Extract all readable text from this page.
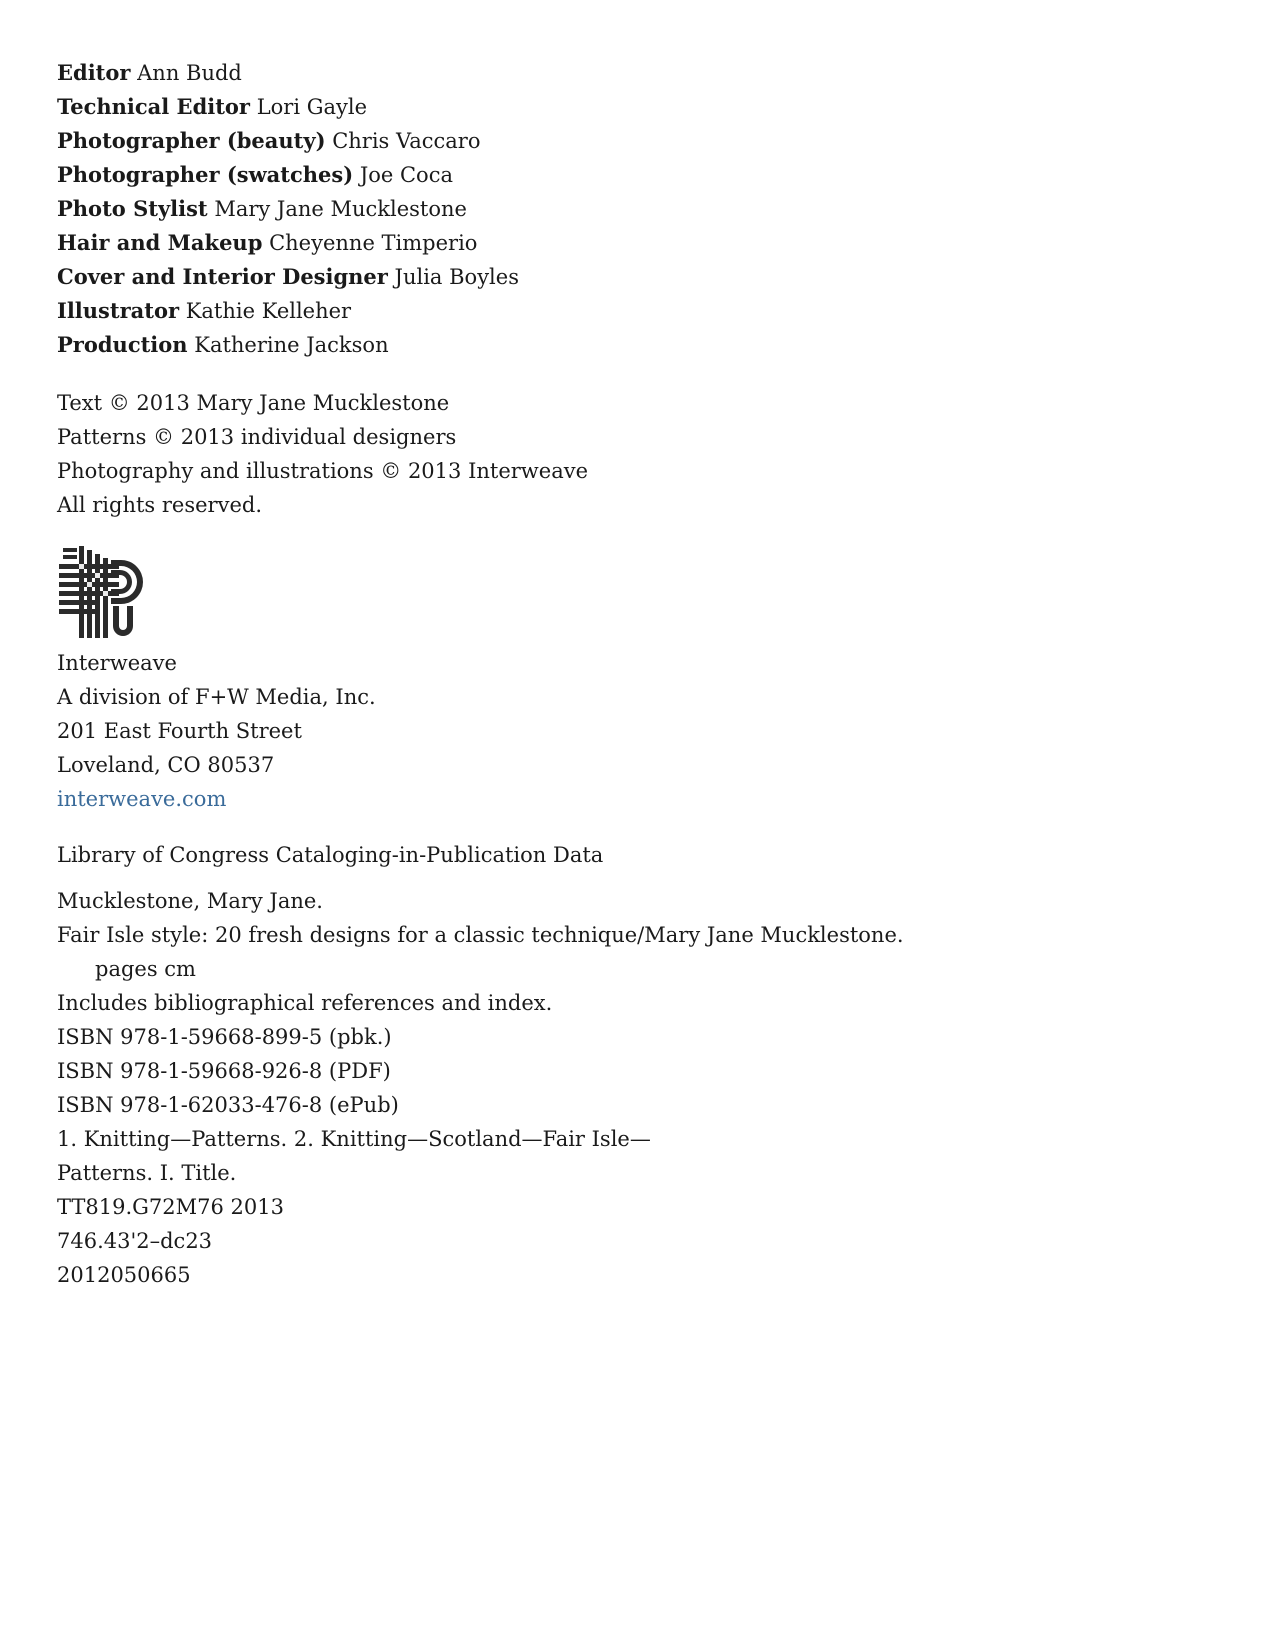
Editor Ann Budd
Technical Editor Lori Gayle
Photographer (beauty) Chris Vaccaro
Photographer (swatches) Joe Coca
Photo Stylist Mary Jane Mucklestone
Hair and Makeup Cheyenne Timperio
Cover and Interior Designer Julia Boyles
Illustrator Kathie Kelleher
Production Katherine Jackson
Text © 2013 Mary Jane Mucklestone
Patterns © 2013 individual designers
Photography and illustrations © 2013 Interweave
All rights reserved.
Interweave
A division of F+W Media, Inc.
201 East Fourth Street
Loveland, CO 80537
interweave.com
Library of Congress Cataloging-in-Publication Data
Mucklestone, Mary Jane.
Fair Isle style: 20 fresh designs for a classic technique/Mary Jane Mucklestone.
pages cm
Includes bibliographical references and index.
ISBN 978-1-59668-899-5 (pbk.)
ISBN 978-1-59668-926-8 (PDF)
ISBN 978-1-62033-476-8 (ePub)
1. Knitting—Patterns. 2. Knitting—Scotland—Fair Isle—
Patterns. I. Title.
TT819.G72M76 2013
746.43'2–dc23
2012050665
